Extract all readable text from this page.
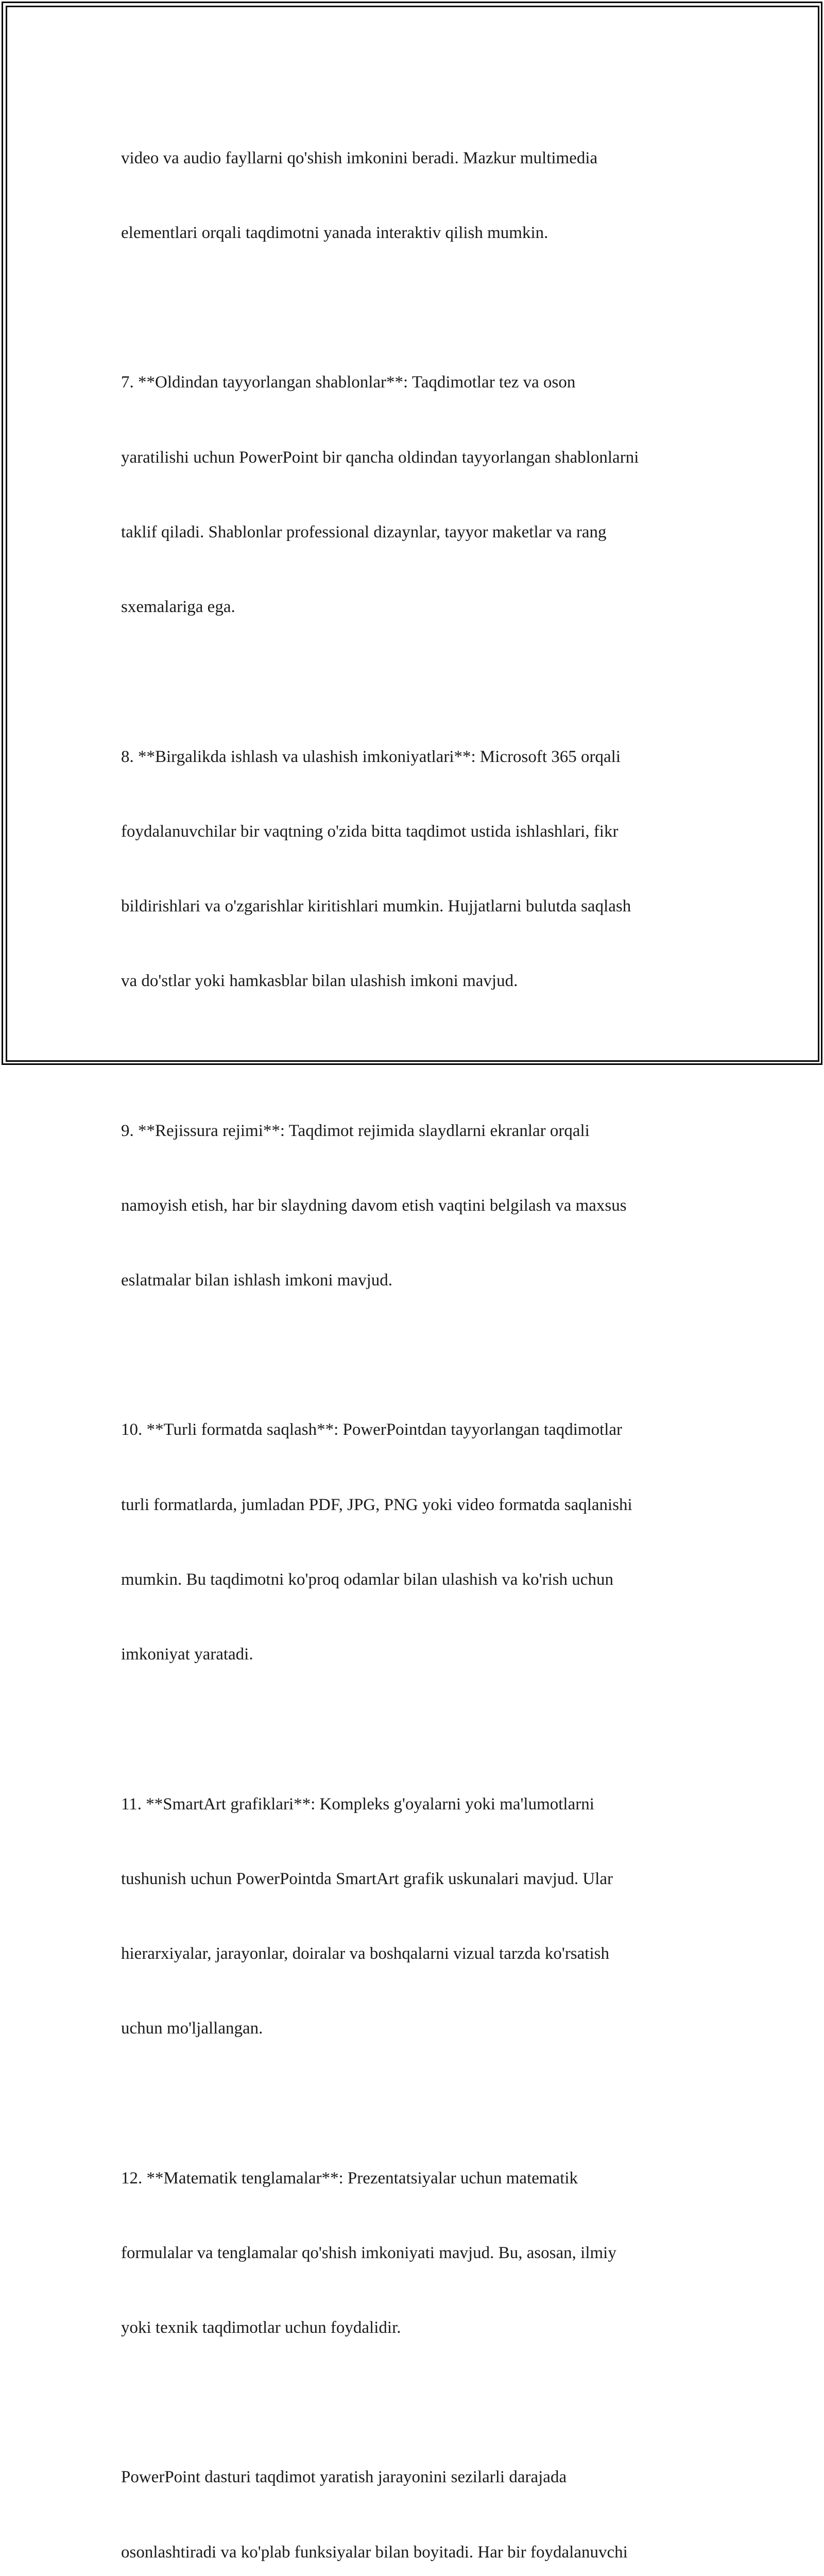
video va audio fayllarni qo'shish imkonini beradi. Mazkur multimedia

elementlari orqali taqdimotni yanada interaktiv qilish mumkin.

7. **Oldindan tayyorlangan shablonlar**: Taqdimotlar tez va oson

yaratilishi uchun PowerPoint bir qancha oldindan tayyorlangan shablonlarni

taklif qiladi. Shablonlar professional dizaynlar, tayyor maketlar va rang

sxemalariga ega.

8. **Birgalikda ishlash va ulashish imkoniyatlari**: Microsoft 365 orqali

foydalanuvchilar bir vaqtning o'zida bitta taqdimot ustida ishlashlari, fikr

bildirishlari va o'zgarishlar kiritishlari mumkin. Hujjatlarni bulutda saqlash

va do'stlar yoki hamkasblar bilan ulashish imkoni mavjud.

9. **Rejissura rejimi**: Taqdimot rejimida slaydlarni ekranlar orqali

namoyish etish, har bir slaydning davom etish vaqtini belgilash va maxsus

eslatmalar bilan ishlash imkoni mavjud.

10. **Turli formatda saqlash**: PowerPointdan tayyorlangan taqdimotlar

turli formatlarda, jumladan PDF, JPG, PNG yoki video formatda saqlanishi

mumkin. Bu taqdimotni ko'proq odamlar bilan ulashish va ko'rish uchun

imkoniyat yaratadi.

11. **SmartArt grafiklari**: Kompleks g'oyalarni yoki ma'lumotlarni

tushunish uchun PowerPointda SmartArt grafik uskunalari mavjud. Ular

hierarxiyalar, jarayonlar, doiralar va boshqalarni vizual tarzda ko'rsatish

uchun mo'ljallangan.

12. **Matematik tenglamalar**: Prezentatsiyalar uchun matematik

formulalar va tenglamalar qo'shish imkoniyati mavjud. Bu, asosan, ilmiy

yoki texnik taqdimotlar uchun foydalidir.

PowerPoint dasturi taqdimot yaratish jarayonini sezilarli darajada

osonlashtiradi va ko'plab funksiyalar bilan boyitadi. Har bir foydalanuvchi
